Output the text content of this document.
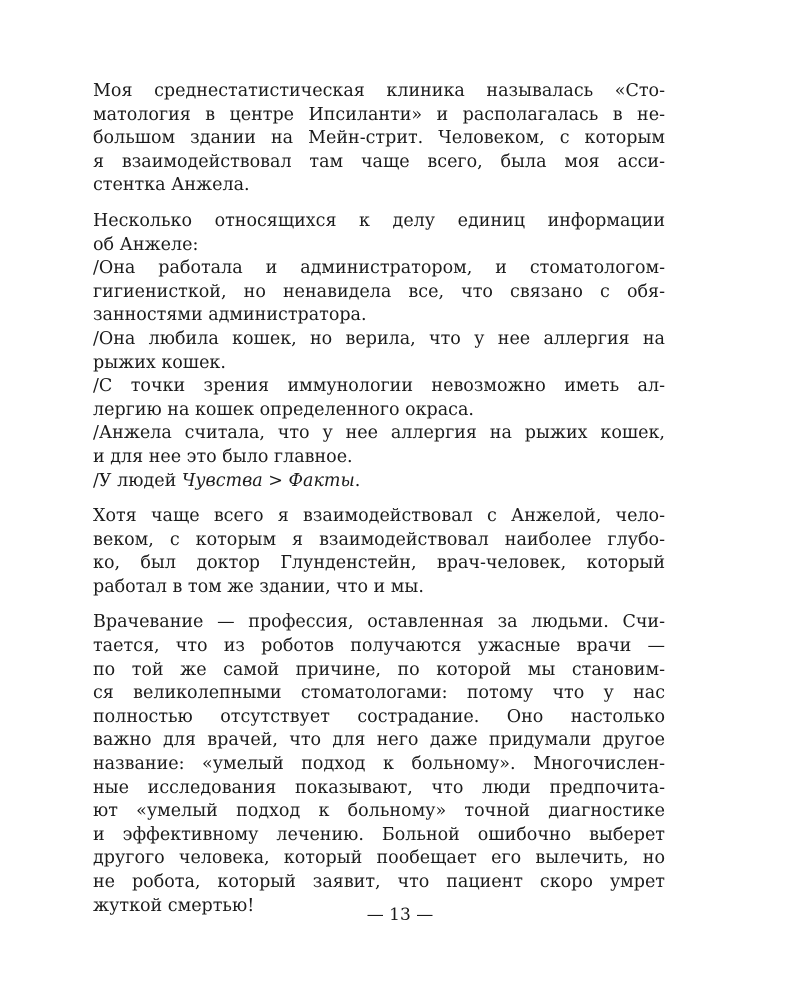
Моя среднестатистическая клиника называлась «Сто-
матология в центре Ипсиланти» и располагалась в не-
большом здании на Мейн-стрит. Человеком, с которым
я взаимодействовал там чаще всего, была моя асси-
стентка Анжела.
Несколько относящихся к делу единиц информации
об Анжеле:
/Она работала и администратором, и стоматологом-
гигиенисткой, но ненавидела все, что связано с обя-
занностями администратора.
/Она любила кошек, но верила, что у нее аллергия на
рыжих кошек.
/С точки зрения иммунологии невозможно иметь ал-
лергию на кошек определенного окраса.
/Анжела считала, что у нее аллергия на рыжих кошек,
и для нее это было главное.
/У людей Чувства > Факты.
Хотя чаще всего я взаимодействовал с Анжелой, чело-
веком, с которым я взаимодействовал наиболее глубо-
ко, был доктор Глунденстейн, врач-человек, который
работал в том же здании, что и мы.
Врачевание — профессия, оставленная за людьми. Счи-
тается, что из роботов получаются ужасные врачи —
по той же самой причине, по которой мы становим-
ся великолепными стоматологами: потому что у нас
полностью отсутствует сострадание. Оно настолько
важно для врачей, что для него даже придумали другое
название: «умелый подход к больному». Многочислен-
ные исследования показывают, что люди предпочита-
ют «умелый подход к больному» точной диагностике
и эффективному лечению. Больной ошибочно выберет
другого человека, который пообещает его вылечить, но
не робота, который заявит, что пациент скоро умрет
жуткой смертью!	— 13 —
